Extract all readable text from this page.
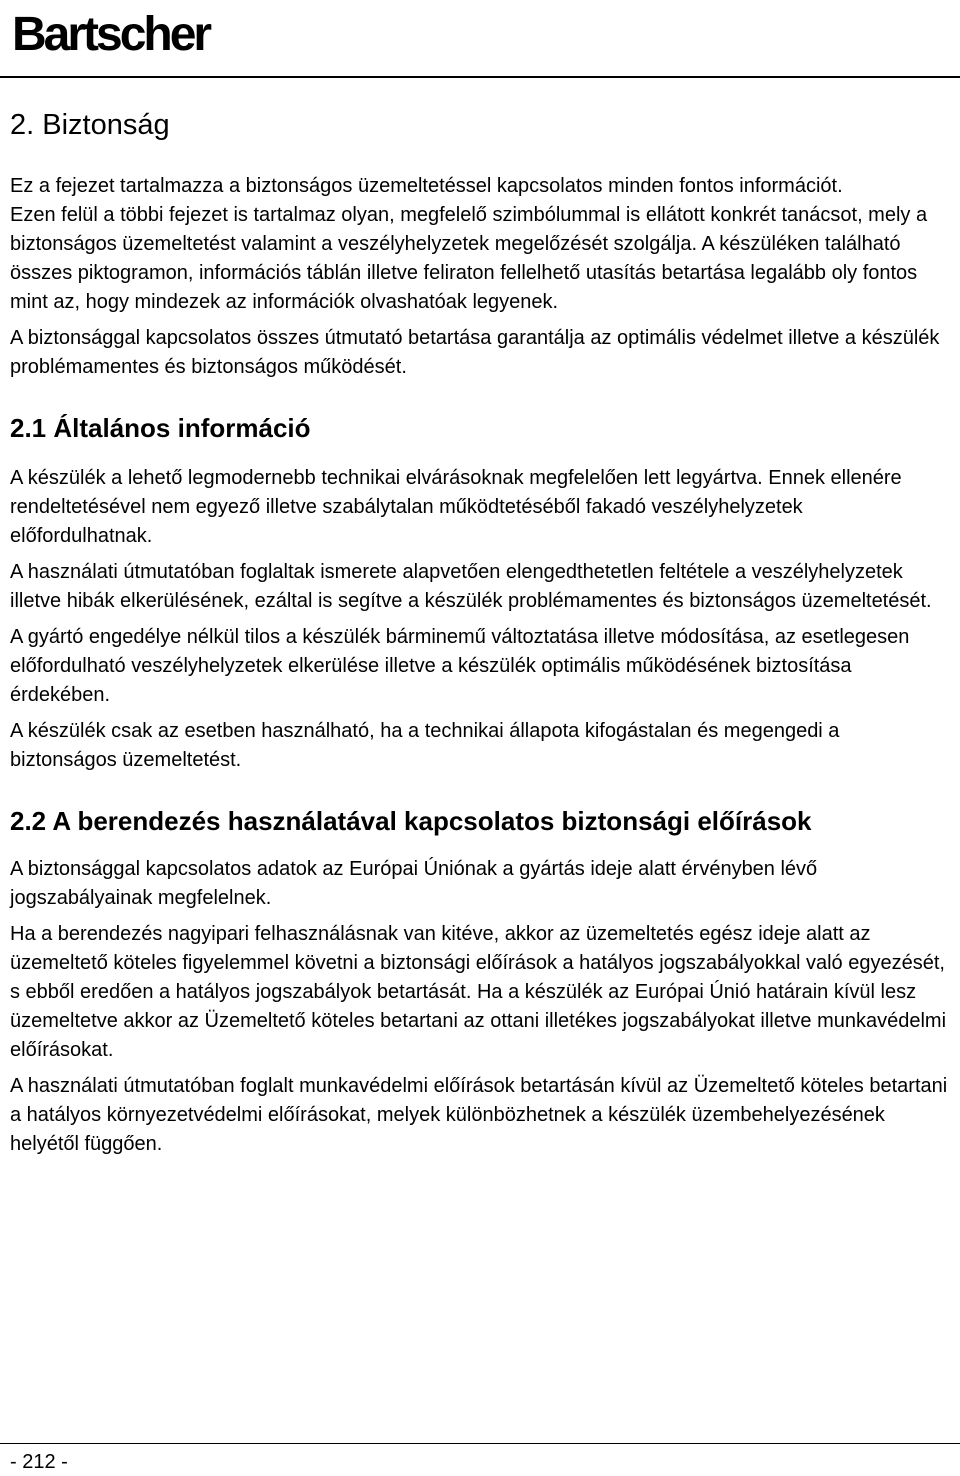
Bartscher
2. Biztonság

Ez a fejezet tartalmazza a biztonságos üzemeltetéssel kapcsolatos minden fontos információt.

Ezen felül a többi fejezet is tartalmaz olyan, megfelelő szimbólummal is ellátott konkrét tanácsot, mely a biztonságos üzemeltetést valamint a veszélyhelyzetek megelőzését szolgálja. A készüléken található összes piktogramon, információs táblán illetve feliraton fellelhető utasítás betartása legalább oly fontos mint az, hogy mindezek az információk olvashatóak legyenek.

A biztonsággal kapcsolatos összes útmutató betartása garantálja az optimális védelmet illetve a készülék problémamentes és biztonságos működését.

2.1 Általános információ

A készülék a lehető legmodernebb technikai elvárásoknak megfelelően lett legyártva. Ennek ellenére rendeltetésével nem egyező illetve szabálytalan működtetéséből fakadó veszélyhelyzetek előfordulhatnak.

A használati útmutatóban foglaltak ismerete alapvetően elengedthetetlen feltétele a veszélyhelyzetek illetve hibák elkerülésének, ezáltal is segítve a készülék problémamentes és biztonságos üzemeltetését.

A gyártó engedélye nélkül tilos a készülék bárminemű változtatása illetve módosítása, az esetlegesen előfordulható veszélyhelyzetek elkerülése illetve a készülék optimális működésének biztosítása érdekében.

A készülék csak az esetben használható, ha a technikai állapota kifogástalan és megengedi a biztonságos üzemeltetést.

2.2 A berendezés használatával kapcsolatos biztonsági előírások

A biztonsággal kapcsolatos adatok az Európai Úniónak a gyártás ideje alatt érvényben lévő jogszabályainak megfelelnek.

Ha a berendezés nagyipari felhasználásnak van kitéve, akkor az üzemeltetés egész ideje alatt az üzemeltető köteles figyelemmel követni a biztonsági előírások a hatályos jogszabályokkal való egyezését, s ebből eredően a hatályos jogszabályok betartását. Ha a készülék az Európai Únió határain kívül lesz üzemeltetve akkor az Üzemeltető köteles betartani az ottani illetékes jogszabályokat illetve munkavédelmi előírásokat.

A használati útmutatóban foglalt munkavédelmi előírások betartásán kívül az Üzemeltető köteles betartani a hatályos környezetvédelmi előírásokat, melyek különbözhetnek a készülék üzembehelyezésének helyétől függően.

- 212 -
